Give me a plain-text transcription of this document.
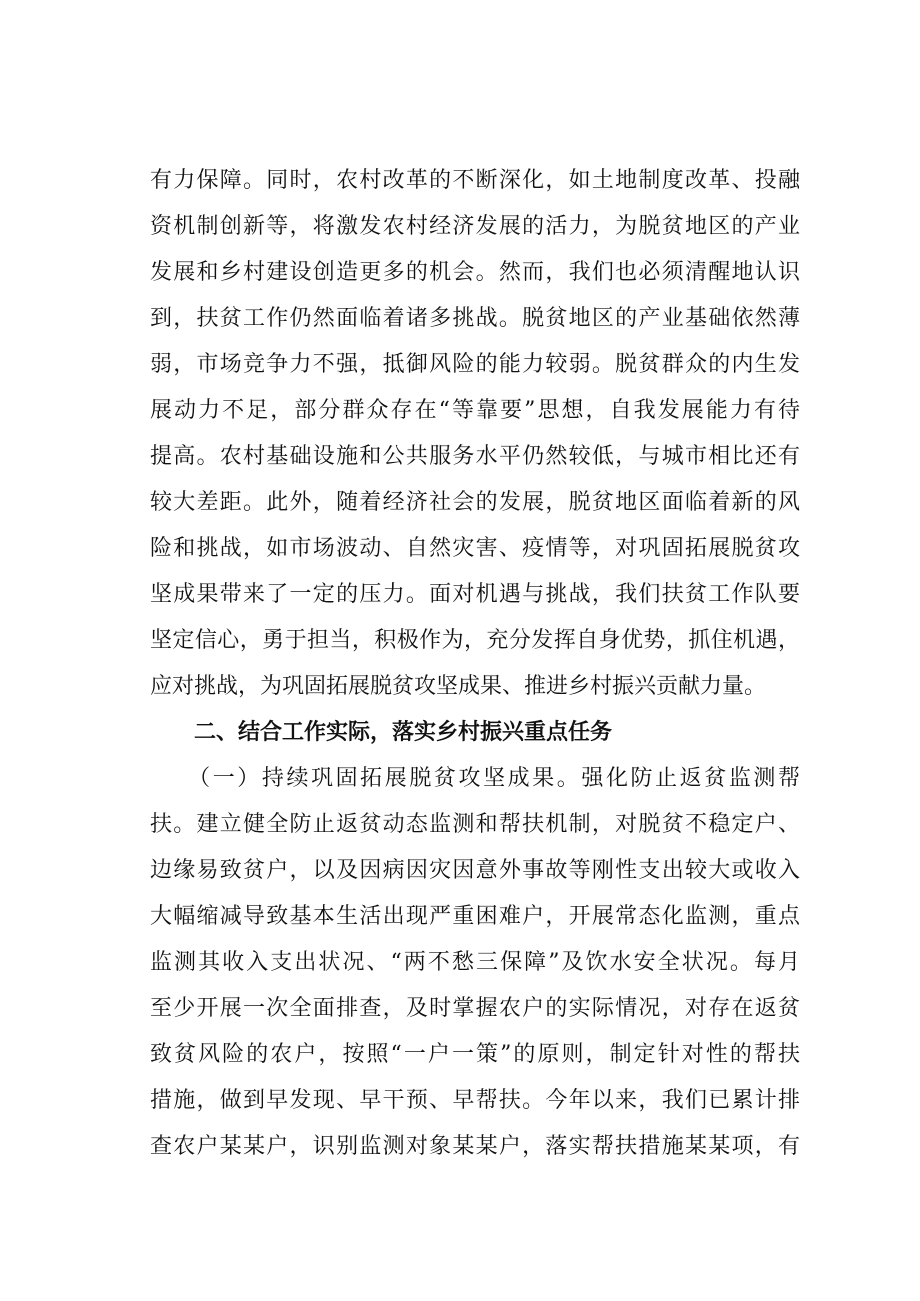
有力保障。同时，农村改革的不断深化，如土地制度改革、投融
资机制创新等，将激发农村经济发展的活力，为脱贫地区的产业
发展和乡村建设创造更多的机会。然而，我们也必须清醒地认识
到，扶贫工作仍然面临着诸多挑战。脱贫地区的产业基础依然薄
弱，市场竞争力不强，抵御风险的能力较弱。脱贫群众的内生发
展动力不足，部分群众存在“等靠要”思想，自我发展能力有待
提高。农村基础设施和公共服务水平仍然较低，与城市相比还有
较大差距。此外，随着经济社会的发展，脱贫地区面临着新的风
险和挑战，如市场波动、自然灾害、疫情等，对巩固拓展脱贫攻
坚成果带来了一定的压力。面对机遇与挑战，我们扶贫工作队要
坚定信心，勇于担当，积极作为，充分发挥自身优势，抓住机遇，
应对挑战，为巩固拓展脱贫攻坚成果、推进乡村振兴贡献力量。
二、结合工作实际，落实乡村振兴重点任务
　　（一）持续巩固拓展脱贫攻坚成果。强化防止返贫监测帮
扶。建立健全防止返贫动态监测和帮扶机制，对脱贫不稳定户、
边缘易致贫户，以及因病因灾因意外事故等刚性支出较大或收入
大幅缩减导致基本生活出现严重困难户，开展常态化监测，重点
监测其收入支出状况、“两不愁三保障”及饮水安全状况。每月
至少开展一次全面排查，及时掌握农户的实际情况，对存在返贫
致贫风险的农户，按照“一户一策”的原则，制定针对性的帮扶
措施，做到早发现、早干预、早帮扶。今年以来，我们已累计排
查农户某某户，识别监测对象某某户，落实帮扶措施某某项，有
